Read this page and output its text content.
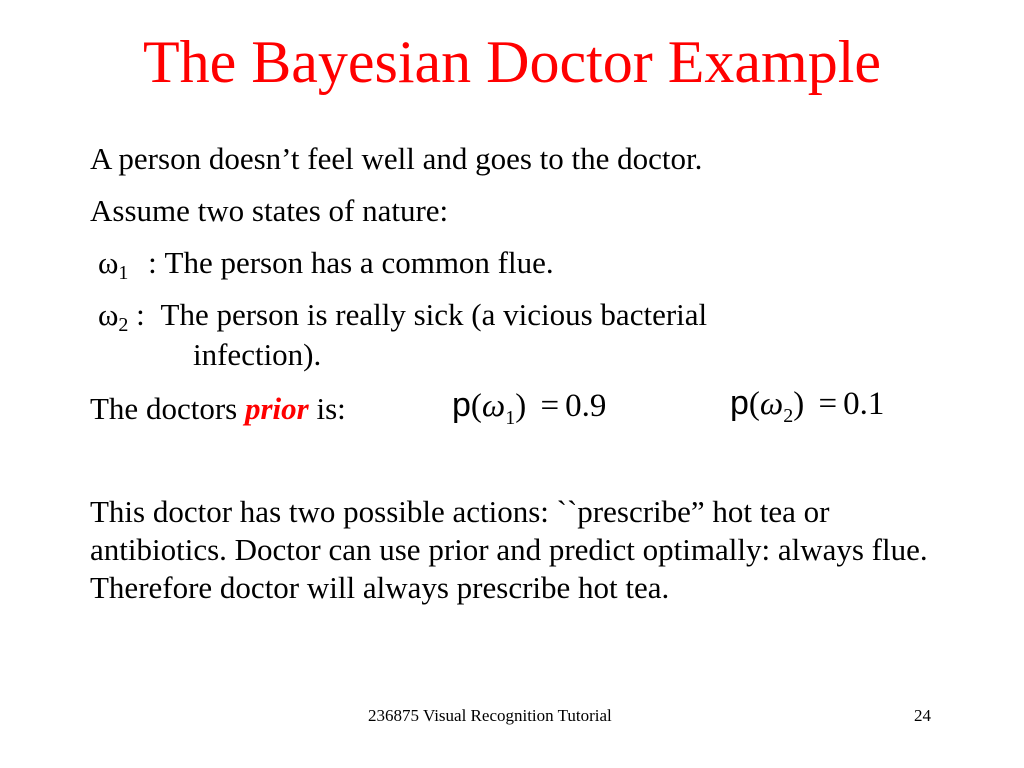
The Bayesian Doctor Example
A person doesn’t feel well and goes to the doctor.
Assume two states of nature:
ω1 : The person has a common flue.
ω2 : The person is really sick (a vicious bacterial
infection).
The doctors prior is:	$p(\omega_1) = 0.9$	$p(\omega_2) = 0.1$
This doctor has two possible actions: ``prescribe” hot tea or antibiotics. Doctor can use prior and predict optimally: always flue. Therefore doctor will always prescribe hot tea.
236875 Visual Recognition Tutorial	24
